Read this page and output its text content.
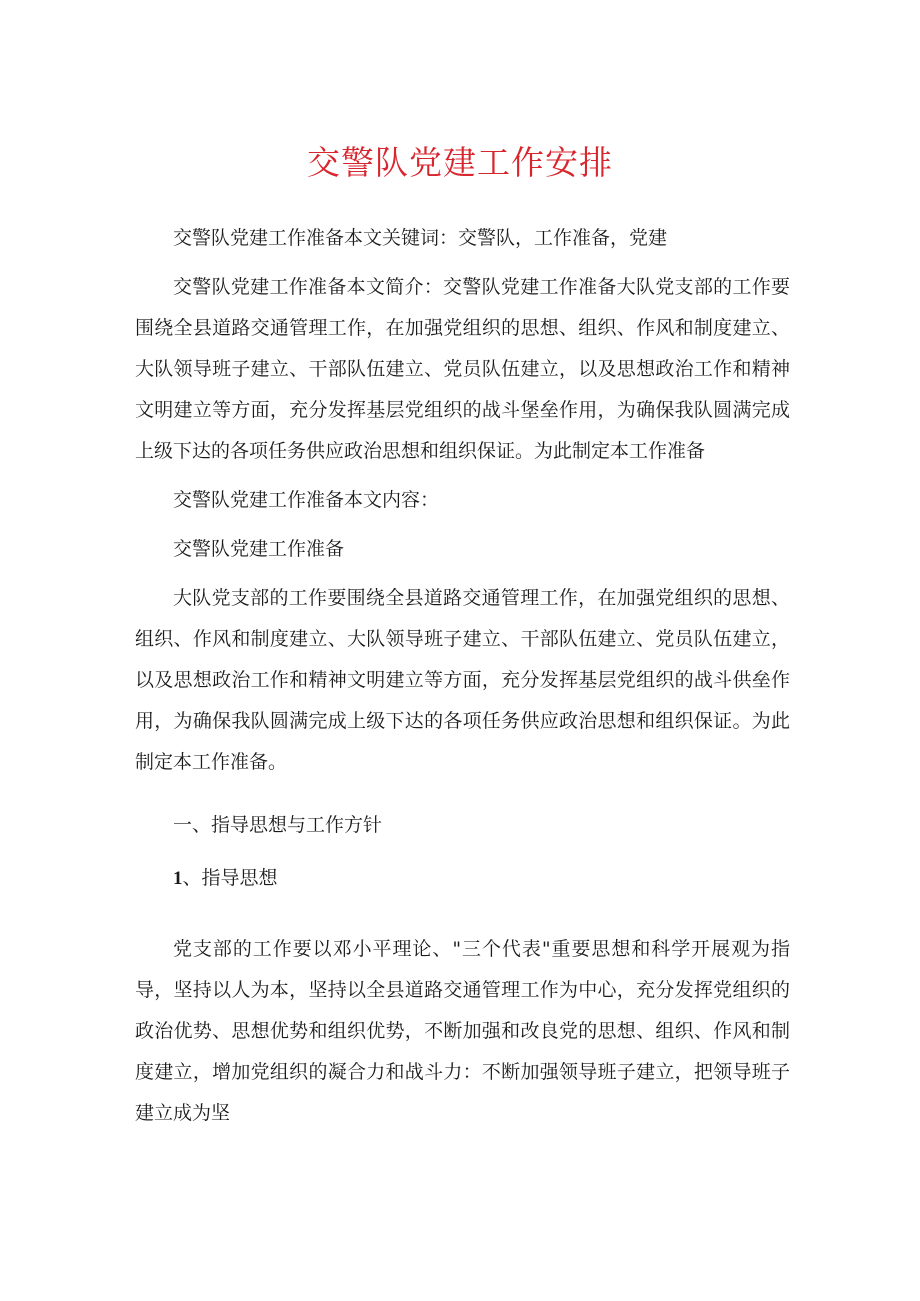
交警队党建工作安排

交警队党建工作准备本文关键词：交警队，工作准备，党建

交警队党建工作准备本文简介：交警队党建工作准备大队党支部的工作要围绕全县道路交通管理工作，在加强党组织的思想、组织、作风和制度建立、大队领导班子建立、干部队伍建立、党员队伍建立，以及思想政治工作和精神文明建立等方面，充分发挥基层党组织的战斗堡垒作用，为确保我队圆满完成上级下达的各项任务供应政治思想和组织保证。为此制定本工作准备

交警队党建工作准备本文内容：

交警队党建工作准备

大队党支部的工作要围绕全县道路交通管理工作，在加强党组织的思想、组织、作风和制度建立、大队领导班子建立、干部队伍建立、党员队伍建立，以及思想政治工作和精神文明建立等方面，充分发挥基层党组织的战斗供垒作用，为确保我队圆满完成上级下达的各项任务供应政治思想和组织保证。为此制定本工作准备。

一、指导思想与工作方针

1、指导思想

党支部的工作要以邓小平理论、"三个代表"重要思想和科学开展观为指导，坚持以人为本，坚持以全县道路交通管理工作为中心，充分发挥党组织的政治优势、思想优势和组织优势，不断加强和改良党的思想、组织、作风和制度建立，增加党组织的凝合力和战斗力：不断加强领导班子建立，把领导班子建立成为坚
